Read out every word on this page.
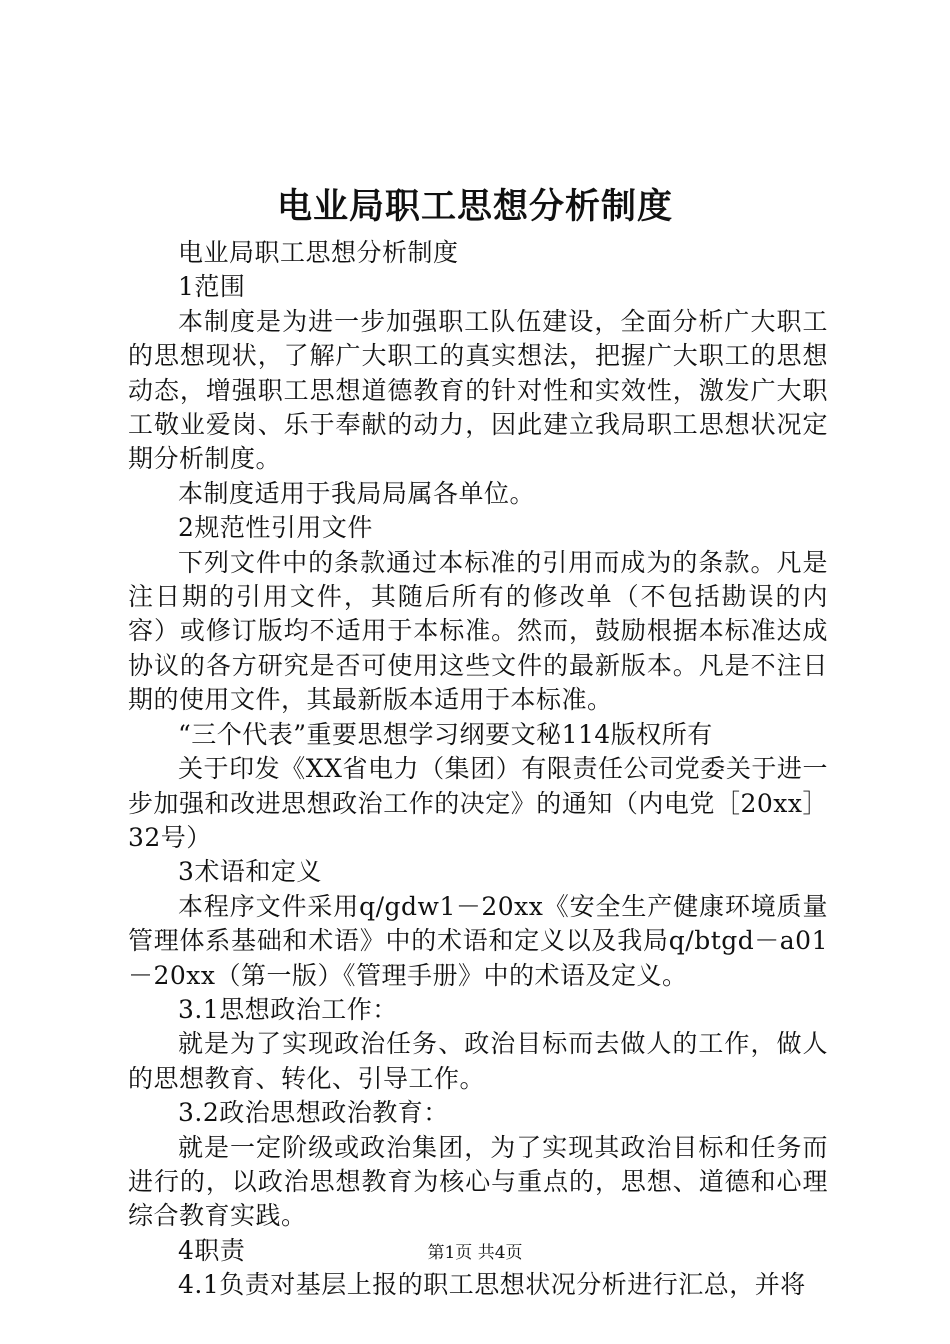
电业局职工思想分析制度

电业局职工思想分析制度

1范围

本制度是为进一步加强职工队伍建设，全面分析广大职工的思想现状，了解广大职工的真实想法，把握广大职工的思想动态，增强职工思想道德教育的针对性和实效性，激发广大职工敬业爱岗、乐于奉献的动力，因此建立我局职工思想状况定期分析制度。

本制度适用于我局局属各单位。

2规范性引用文件

下列文件中的条款通过本标准的引用而成为的条款。凡是注日期的引用文件，其随后所有的修改单（不包括勘误的内容）或修订版均不适用于本标准。然而，鼓励根据本标准达成协议的各方研究是否可使用这些文件的最新版本。凡是不注日期的使用文件，其最新版本适用于本标准。

“三个代表”重要思想学习纲要文秘114版权所有

关于印发《XX省电力（集团）有限责任公司党委关于进一步加强和改进思想政治工作的决定》的通知（内电党［20xx］32号）

3术语和定义

本程序文件采用q/gdw1－20xx《安全生产健康环境质量管理体系基础和术语》中的术语和定义以及我局q/btgd－a01－20xx（第一版）《管理手册》中的术语及定义。

3.1思想政治工作：

就是为了实现政治任务、政治目标而去做人的工作，做人的思想教育、转化、引导工作。

3.2政治思想政治教育：

就是一定阶级或政治集团，为了实现其政治目标和任务而进行的，以政治思想教育为核心与重点的，思想、道德和心理综合教育实践。

4职责

4.1负责对基层上报的职工思想状况分析进行汇总，并将

第1页 共4页
